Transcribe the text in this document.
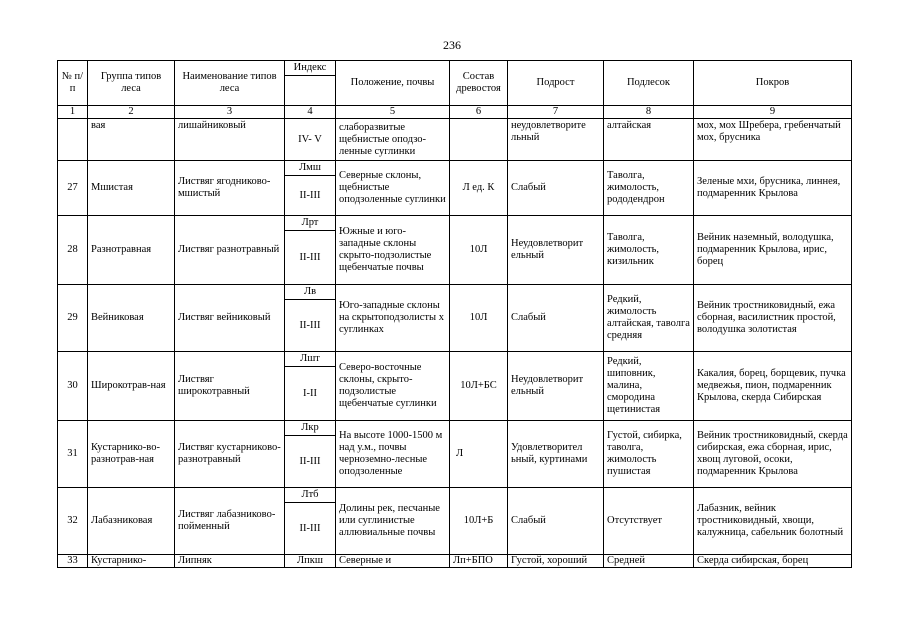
236
№ п/п	Группа типов леса	Наименование типов леса	Индекс	Положение, почвы	Состав древостоя	Подрост	Подлесок	Покров

1	2	3	4	5	6	7	8	9
	вая	лишайниковый	IV- V	слаборазвитые щебнистые оподзо-ленные суглинки		неудовлетворите льный	алтайская	мох, мох Шребера, гребенчатый мох, брусника
27	Мшистая	Листвяг ягодниково-мшистый	Лмш	Северные склоны, щебнистые оподзоленные суглинки	Л ед. К	Слабый	Таволга, жимолость, рододендрон	Зеленые мхи, брусника, линнея, подмаренник Крылова
			II-III					
28	Разнотравная	Листвяг разнотравный	Лрт	Южные и юго-западные склоны скрыто-подзолистые щебенчатые почвы	10Л	Неудовлетворит ельный	Таволга, жимолость, кизильник	Вейник наземный, володушка, подмаренник Крылова, ирис, борец
			II-III					
29	Вейниковая	Листвяг вейниковый	Лв	Юго-западные склоны на скрытоподзолисты х суглинках	10Л	Слабый	Редкий, жимолость алтайская, таволга средняя	Вейник тростниковидный, ежа сборная, василистник простой, володушка золотистая
			II-III					
30	Широкотрав-ная	Листвяг широкотравный	Лшт	Северо-восточные склоны, скрыто-подзолистые щебенчатые суглинки	10Л+БС	Неудовлетворит ельный	Редкий, шиповник, малина, смородина щетинистая	Какалия, борец, борщевик, пучка медвежья, пион, подмаренник Крылова, скерда Сибирская
			I-II					
31	Кустарнико-во-разнотрав-ная	Листвяг кустарниково-разнотравный	Лкр	На высоте 1000-1500 м над у.м., почвы черноземно-лесные оподзоленные	Л	Удовлетворител ьный, куртинами	Густой, сибирка, таволга, жимолость пушистая	Вейник тростниковидный, скерда сибирская, ежа сборная, ирис, хвощ луговой, осоки, подмаренник Крылова
			II-III					
32	Лабазниковая	Листвяг лабазниково-пойменный	Лтб	Долины рек, песчаные или суглинистые аллювиальные почвы	10Л+Б	Слабый	Отсутствует	Лабазник, вейник тростниковидный, хвощи, калужница, сабельник болотный
			II-III					
33	Кустарнико-	Липняк	Лпкш	Северные и	Лп+БПО	Густой, хороший	Средней	Скерда сибирская, борец
